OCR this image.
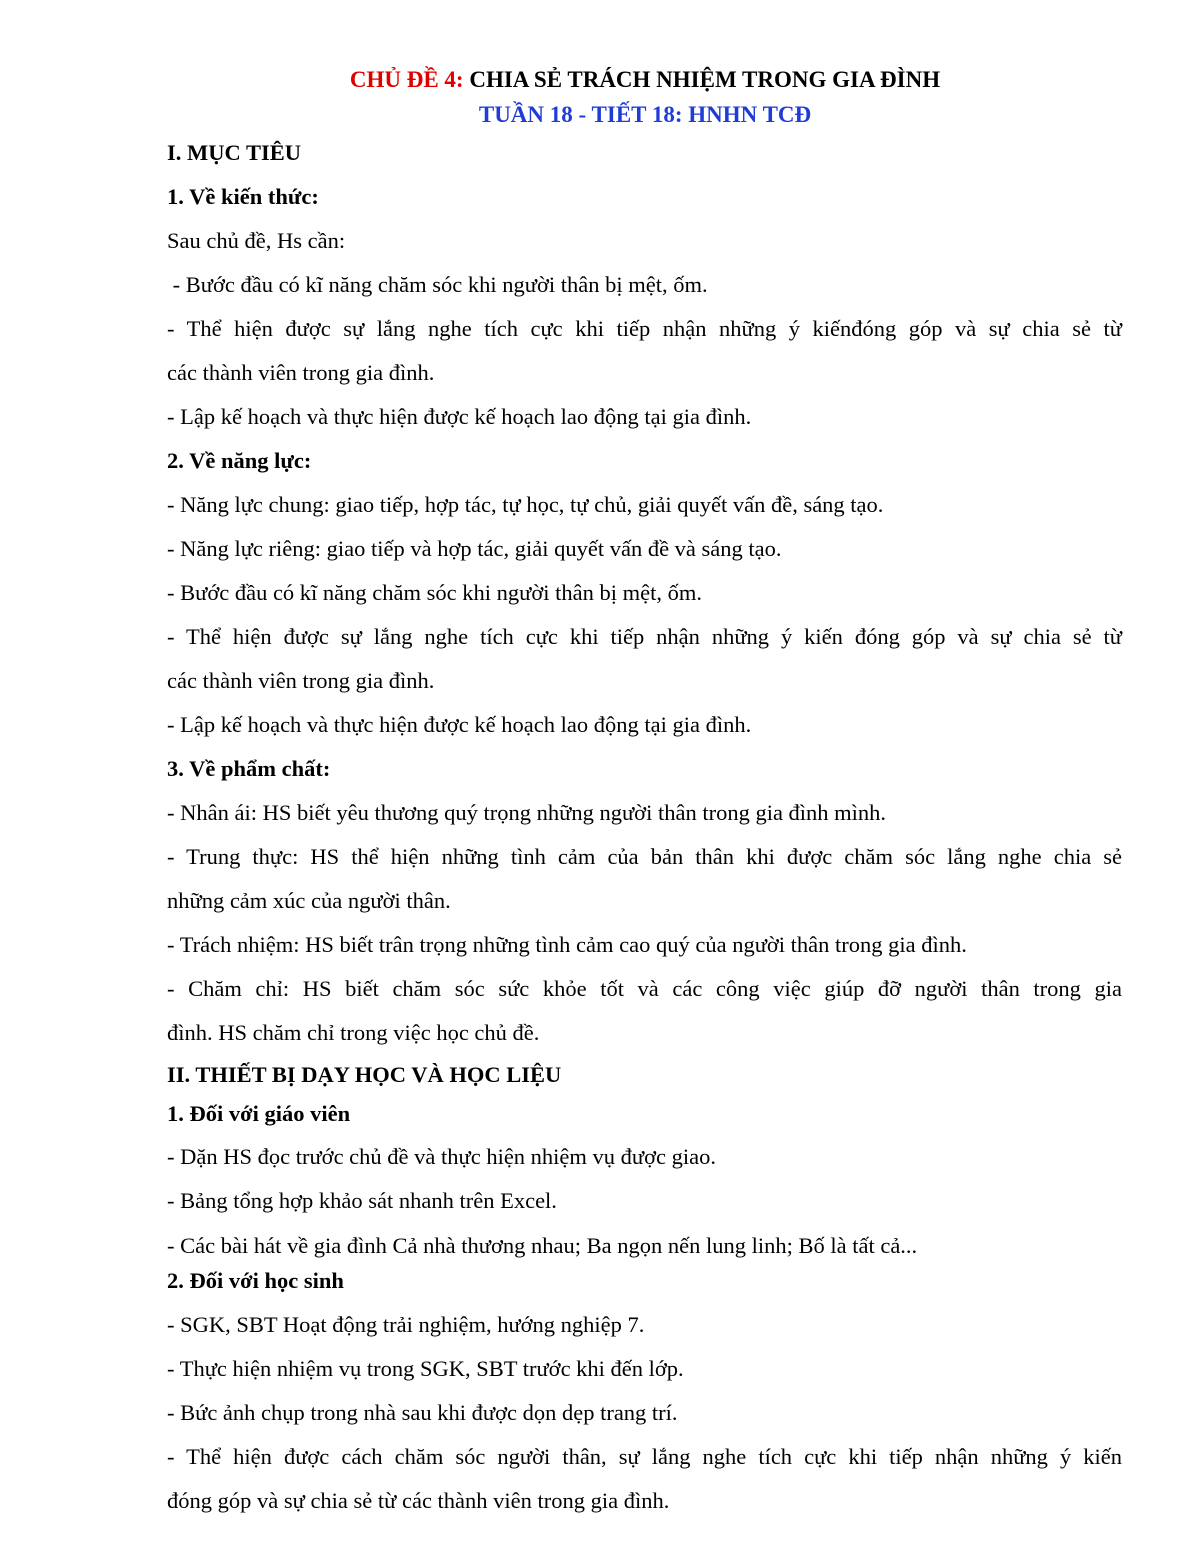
CHỦ ĐỀ 4: CHIA SẺ TRÁCH NHIỆM TRONG GIA ĐÌNH
TUẦN 18 - TIẾT 18: HNHN TCĐ
I. MỤC TIÊU
1. Về kiến thức:
Sau chủ đề, Hs cần:
- Bước đầu có kĩ năng chăm sóc khi người thân bị mệt, ốm.
- Thể hiện được sự lắng nghe tích cực khi tiếp nhận những ý kiếnđóng góp và sự chia sẻ từ
các thành viên trong gia đình.
- Lập kế hoạch và thực hiện được kế hoạch lao động tại gia đình.
2. Về năng lực:
- Năng lực chung: giao tiếp, hợp tác, tự học, tự chủ, giải quyết vấn đề, sáng tạo.
- Năng lực riêng: giao tiếp và hợp tác, giải quyết vấn đề và sáng tạo.
- Bước đầu có kĩ năng chăm sóc khi người thân bị mệt, ốm.
- Thể hiện được sự lắng nghe tích cực khi tiếp nhận những ý kiến đóng góp và sự chia sẻ từ
các thành viên trong gia đình.
- Lập kế hoạch và thực hiện được kế hoạch lao động tại gia đình.
3. Về phẩm chất:
- Nhân ái: HS biết yêu thương quý trọng những người thân trong gia đình mình.
- Trung thực: HS thể hiện những tình cảm của bản thân khi được chăm sóc lắng nghe chia sẻ
những cảm xúc của người thân.
- Trách nhiệm: HS biết trân trọng những tình cảm cao quý của người thân trong gia đình.
- Chăm chỉ: HS biết chăm sóc sức khỏe tốt và các công việc giúp đỡ người thân trong gia
đình. HS chăm chỉ trong việc học chủ đề.
II. THIẾT BỊ DẠY HỌC VÀ HỌC LIỆU
1. Đối với giáo viên
- Dặn HS đọc trước chủ đề và thực hiện nhiệm vụ được giao.
- Bảng tổng hợp khảo sát nhanh trên Excel.
- Các bài hát về gia đình Cả nhà thương nhau; Ba ngọn nến lung linh; Bố là tất cả...
2. Đối với học sinh
- SGK, SBT Hoạt động trải nghiệm, hướng nghiệp 7.
- Thực hiện nhiệm vụ trong SGK, SBT trước khi đến lớp.
- Bức ảnh chụp trong nhà sau khi được dọn dẹp trang trí.
- Thể hiện được cách chăm sóc người thân, sự lắng nghe tích cực khi tiếp nhận những ý kiến
đóng góp và sự chia sẻ từ các thành viên trong gia đình.
